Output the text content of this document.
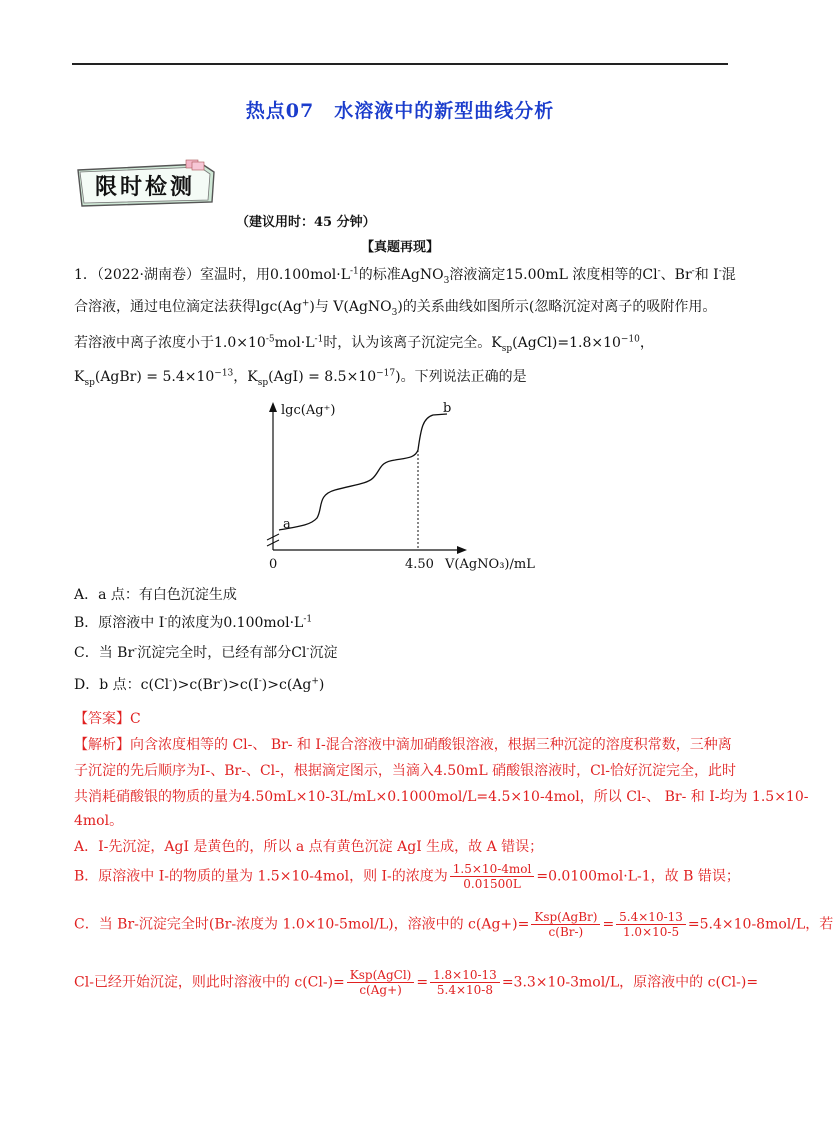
热点07　水溶液中的新型曲线分析
限时检测
（建议用时：45 分钟）
【真题再现】
1．（2022·湖南卷）室温时，用$0.100mol\cdot L^{-1}$的标准AgNO$_3$溶液滴定15.00mL 浓度相等的Cl-、Br-和 I-混
合溶液，通过电位滴定法获得lgc(Ag+)与 V(AgNO$_3$)的关系曲线如图所示(忽略沉淀对离子的吸附作用。
若溶液中离子浓度小于$1.0\times 10^{-5}mol\cdot L^{-1}$时，认为该离子沉淀完全。$K_{sp}(AgCl)=1.8\times 10^{-10}$，
$K_{sp}(AgBr) = 5.4\times 10^{-13}$，$K_{sp}(AgI) = 8.5\times 10^{-17}$)。下列说法正确的是
a
b
lgc(Ag⁺)
0	4.50 V(AgNO₃)/mL
A．a 点：有白色沉淀生成
B．原溶液中 I-的浓度为$0.100mol\cdot L^{-1}$
C．当 Br-沉淀完全时，已经有部分Cl-沉淀
D．b 点：c(Cl-)>c(Br-)>c(I-)>c(Ag+)
【答案】C
【解析】向含浓度相等的 Cl-、 Br- 和 I-混合溶液中滴加硝酸银溶液，根据三种沉淀的溶度积常数，三种离
子沉淀的先后顺序为I-、Br-、Cl-，根据滴定图示，当滴入4.50mL 硝酸银溶液时，Cl-恰好沉淀完全，此时
共消耗硝酸银的物质的量为4.50mL×10-3L/mL×0.1000mol/L=4.5×10-4mol，所以 Cl-、 Br- 和 I-均为 1.5×10-
4mol。
A．I-先沉淀，AgI 是黄色的，所以 a 点有黄色沉淀 AgI 生成，故 A 错误；
B．原溶液中 I-的物质的量为 1.5×10-4mol，则 I-的浓度为 $\frac{\text{1.5×10-4mol}}{0.01500L} =0.0100mol\cdot L-1$，故 B 错误；
C．当 Br-沉淀完全时(Br-浓度为 1.0×10-5mol/L)，溶液中的 $c(Ag+)= \frac{\text{Ksp(AgBr)}}{c(Br-)} = \frac{5.4\times 10-13}{1.0\times 10-5} =5.4\times 10-8mol/L$，若
Cl-已经开始沉淀，则此时溶液中的 $c(Cl-)= \frac{\text{Ksp(AgCl)}}{c(Ag+)} = \frac{1.8\times 10-13}{5.4\times 10-8} =3.3\times 10-3mol/L$，原溶液中的 c(Cl-)=
